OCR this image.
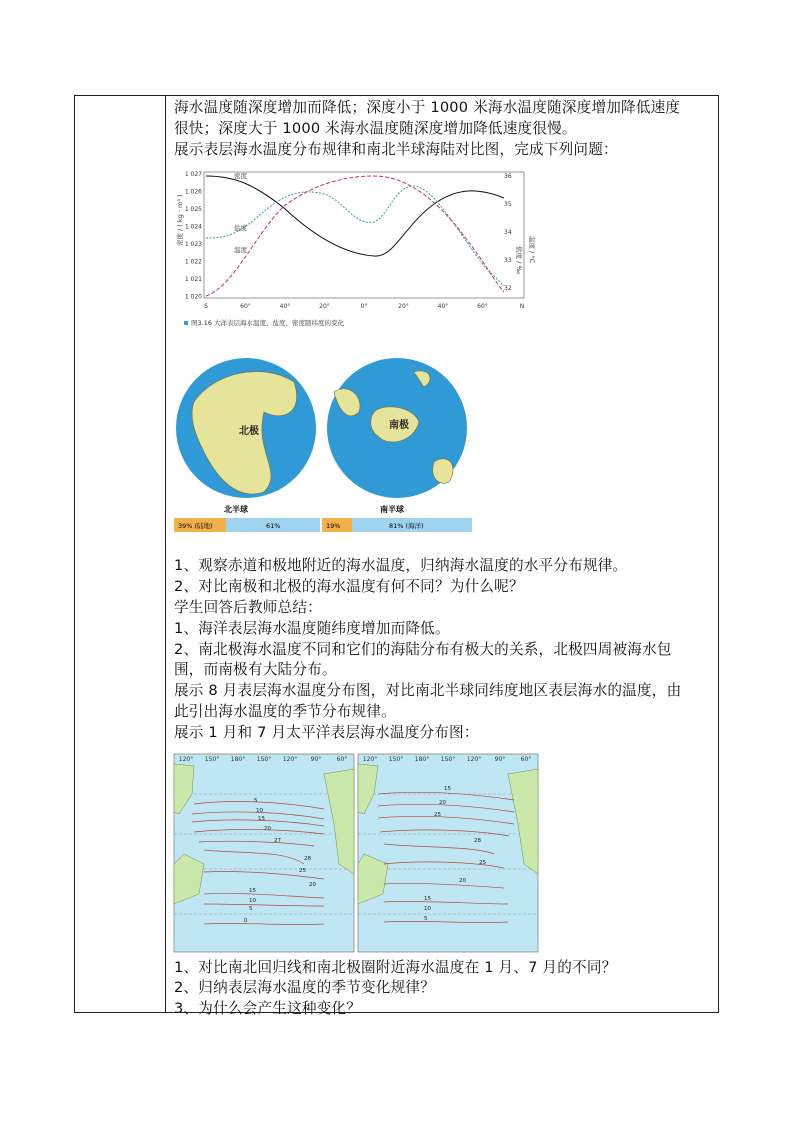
海水温度随深度增加而降低；深度小于 1000 米海水温度随深度增加降低速度

很快；深度大于 1000 米海水温度随深度增加降低速度很慢。

展示表层海水温度分布规律和南北半球海陆对比图，完成下列问题：

1 027
1 026
1 025
1 024
1 023
1 022
1 021
1 020
S	60°	40°	20°	0°	20°	40°	60°	N
36
35
34
33
32
密度 / ( kg · m³ )
盐度 / ‰ 温度 / °C
密度
盐度
温度
图3.16 大洋表层海水温度、盐度、密度随纬度的变化
北极
南极
北半球	南半球
39% (陆地)	61%	19%	81% (海洋)

1、观察赤道和极地附近的海水温度，归纳海水温度的水平分布规律。

2、对比南极和北极的海水温度有何不同？为什么呢？

学生回答后教师总结：

1、海洋表层海水温度随纬度增加而降低。

2、南北极海水温度不同和它们的海陆分布有极大的关系，北极四周被海水包

围，而南极有大陆分布。

展示 8 月表层海水温度分布图，对比南北半球同纬度地区表层海水的温度，由

此引出海水温度的季节分布规律。

展示 1 月和 7 月太平洋表层海水温度分布图：

120°	120°
150°	150°
180°	180°
150°	150°
120°	120°
90°	90°
60°	60°
5
10
15
20
27
28
25
20
15
10
5
0
15
20
25
28
25
20
15
10
5

1、对比南北回归线和南北极圈附近海水温度在 1 月、7 月的不同？

2、归纳表层海水温度的季节变化规律？

3、为什么会产生这种变化？
